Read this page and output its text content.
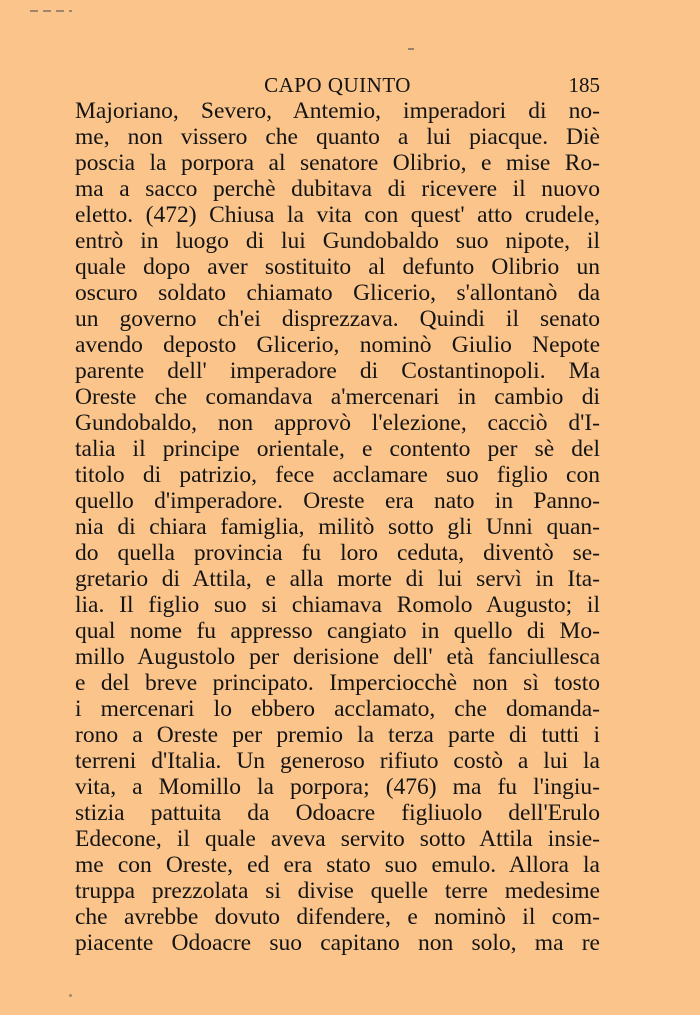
CAPO QUINTO	185
Majoriano, Severo, Antemio, imperadori di no-
me, non vissero che quanto a lui piacque. Diè
poscia la porpora al senatore Olibrio, e mise Ro-
ma a sacco perchè dubitava di ricevere il nuovo
eletto. (472) Chiusa la vita con quest' atto crudele,
entrò in luogo di lui Gundobaldo suo nipote, il
quale dopo aver sostituito al defunto Olibrio un
oscuro soldato chiamato Glicerio, s'allontanò da
un governo ch'ei disprezzava. Quindi il senato
avendo deposto Glicerio, nominò Giulio Nepote
parente dell' imperadore di Costantinopoli. Ma
Oreste che comandava a'mercenari in cambio di
Gundobaldo, non approvò l'elezione, cacciò d'I-
talia il principe orientale, e contento per sè del
titolo di patrizio, fece acclamare suo figlio con
quello d'imperadore. Oreste era nato in Panno-
nia di chiara famiglia, militò sotto gli Unni quan-
do quella provincia fu loro ceduta, diventò se-
gretario di Attila, e alla morte di lui servì in Ita-
lia. Il figlio suo si chiamava Romolo Augusto; il
qual nome fu appresso cangiato in quello di Mo-
millo Augustolo per derisione dell' età fanciullesca
e del breve principato. Imperciocchè non sì tosto
i mercenari lo ebbero acclamato, che domanda-
rono a Oreste per premio la terza parte di tutti i
terreni d'Italia. Un generoso rifiuto costò a lui la
vita, a Momillo la porpora; (476) ma fu l'ingiu-
stizia pattuita da Odoacre figliuolo dell'Erulo
Edecone, il quale aveva servito sotto Attila insie-
me con Oreste, ed era stato suo emulo. Allora la
truppa prezzolata si divise quelle terre medesime
che avrebbe dovuto difendere, e nominò il com-
piacente Odoacre suo capitano non solo, ma re
